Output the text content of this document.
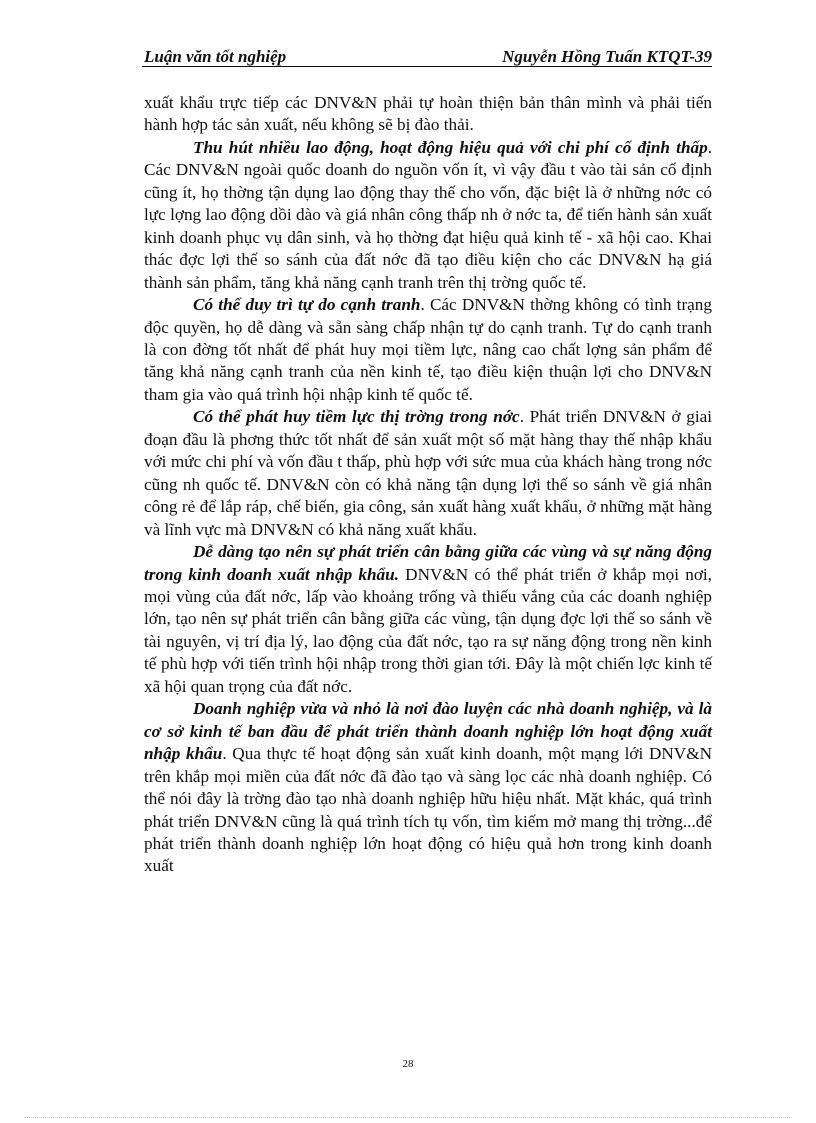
Luận văn tốt nghiệp	Nguyễn Hồng Tuấn KTQT-39

xuất khẩu trực tiếp các DNV&N phải tự hoàn thiện bản thân mình và phải tiến hành hợp tác sản xuất, nếu không sẽ bị đào thải.

Thu hút nhiều lao động, hoạt động hiệu quả với chi phí cố định thấp. Các DNV&N ngoài quốc doanh do nguồn vốn ít, vì vậy đầu t vào tài sản cố định cũng ít, họ thờng tận dụng lao động thay thế cho vốn, đặc biệt là ở những nớc có lực lợng lao động dồi dào và giá nhân công thấp nh ở nớc ta, để tiến hành sản xuất kinh doanh phục vụ dân sinh, và họ thờng đạt hiệu quả kinh tế - xã hội cao. Khai thác đợc lợi thế so sánh của đất nớc đã tạo điều kiện cho các DNV&N hạ giá thành sản phẩm, tăng khả năng cạnh tranh trên thị trờng quốc tế.

Có thể duy trì tự do cạnh tranh. Các DNV&N thờng không có tình trạng độc quyền, họ dễ dàng và sẵn sàng chấp nhận tự do cạnh tranh. Tự do cạnh tranh là con đờng tốt nhất để phát huy mọi tiềm lực, nâng cao chất lợng sản phẩm để tăng khả năng cạnh tranh của nền kinh tế, tạo điều kiện thuận lợi cho DNV&N tham gia vào quá trình hội nhập kinh tế quốc tế.

Có thể phát huy tiềm lực thị trờng trong nớc. Phát triển DNV&N ở giai đoạn đầu là phơng thức tốt nhất để sản xuất một số mặt hàng thay thế nhập khẩu với mức chi phí và vốn đầu t thấp, phù hợp với sức mua của khách hàng trong nớc cũng nh quốc tế. DNV&N còn có khả năng tận dụng lợi thế so sánh về giá nhân công rẻ để lắp ráp, chế biến, gia công, sản xuất hàng xuất khẩu, ở những mặt hàng và lĩnh vực mà DNV&N có khả năng xuất khẩu.

Dễ dàng tạo nên sự phát triển cân bằng giữa các vùng và sự năng động trong kinh doanh xuất nhập khẩu. DNV&N có thể phát triển ở khắp mọi nơi, mọi vùng của đất nớc, lấp vào khoảng trống và thiếu vắng của các doanh nghiệp lớn, tạo nên sự phát triển cân bằng giữa các vùng, tận dụng đợc lợi thế so sánh về tài nguyên, vị trí địa lý, lao động của đất nớc, tạo ra sự năng động trong nền kinh tế phù hợp với tiến trình hội nhập trong thời gian tới. Đây là một chiến lợc kinh tế xã hội quan trọng của đất nớc.

Doanh nghiệp vừa và nhỏ là nơi đào luyện các nhà doanh nghiệp, và là cơ sở kinh tế ban đầu để phát triển thành doanh nghiệp lớn hoạt động xuất nhập khẩu. Qua thực tế hoạt động sản xuất kinh doanh, một mạng lới DNV&N trên khắp mọi miền của đất nớc đã đào tạo và sàng lọc các nhà doanh nghiệp. Có thể nói đây là trờng đào tạo nhà doanh nghiệp hữu hiệu nhất. Mặt khác, quá trình phát triển DNV&N cũng là quá trình tích tụ vốn, tìm kiếm mở mang thị trờng...để phát triển thành doanh nghiệp lớn hoạt động có hiệu quả hơn trong kinh doanh xuất

28
